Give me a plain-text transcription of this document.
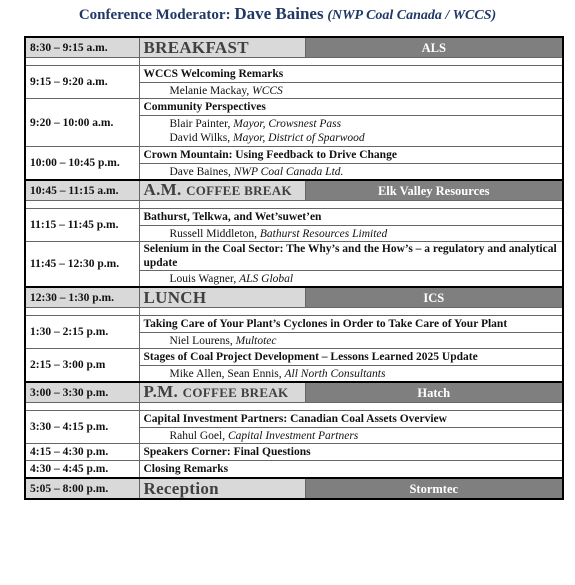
Conference Moderator: Dave Baines (NWP Coal Canada / WCCS)
8:30 – 9:15 a.m.	BREAKFAST	ALS

9:15 – 9:20 a.m.	WCCS Welcoming Remarks	
	Melanie Mackay, WCCS	
9:20 – 10:00 a.m.	Community Perspectives	

	Blair Painter, Mayor, Crowsnest Pass
David Wilks, Mayor, District of Sparwood	

10:00 – 10:45 p.m.	Crown Mountain: Using Feedback to Drive Change	
	Dave Baines, NWP Coal Canada Ltd.	
10:45 – 11:15 a.m.	A.M. COFFEE BREAK	Elk Valley Resources

11:15 – 11:45 p.m.	Bathurst, Telkwa, and Wet’suwet’en	
	Russell Middleton, Bathurst Resources Limited	
11:45 – 12:30 p.m.	Selenium in the Coal Sector: The Why’s and the How’s – a regulatory and analytical update	
	Louis Wagner, ALS Global	
12:30 – 1:30 p.m.	LUNCH	ICS

1:30 – 2:15 p.m.	Taking Care of Your Plant’s Cyclones in Order to Take Care of Your Plant	
	Niel Lourens, Multotec	
2:15 – 3:00 p.m	Stages of Coal Project Development – Lessons Learned 2025 Update	
	Mike Allen, Sean Ennis, All North Consultants	
3:00 – 3:30 p.m.	P.M. COFFEE BREAK	Hatch

3:30 – 4:15 p.m.	Capital Investment Partners: Canadian Coal Assets Overview	
	Rahul Goel, Capital Investment Partners	
4:15 – 4:30 p.m.	Speakers Corner: Final Questions	
4:30 – 4:45 p.m.	Closing Remarks	
5:05 – 8:00 p.m.	Reception	Stormtec
